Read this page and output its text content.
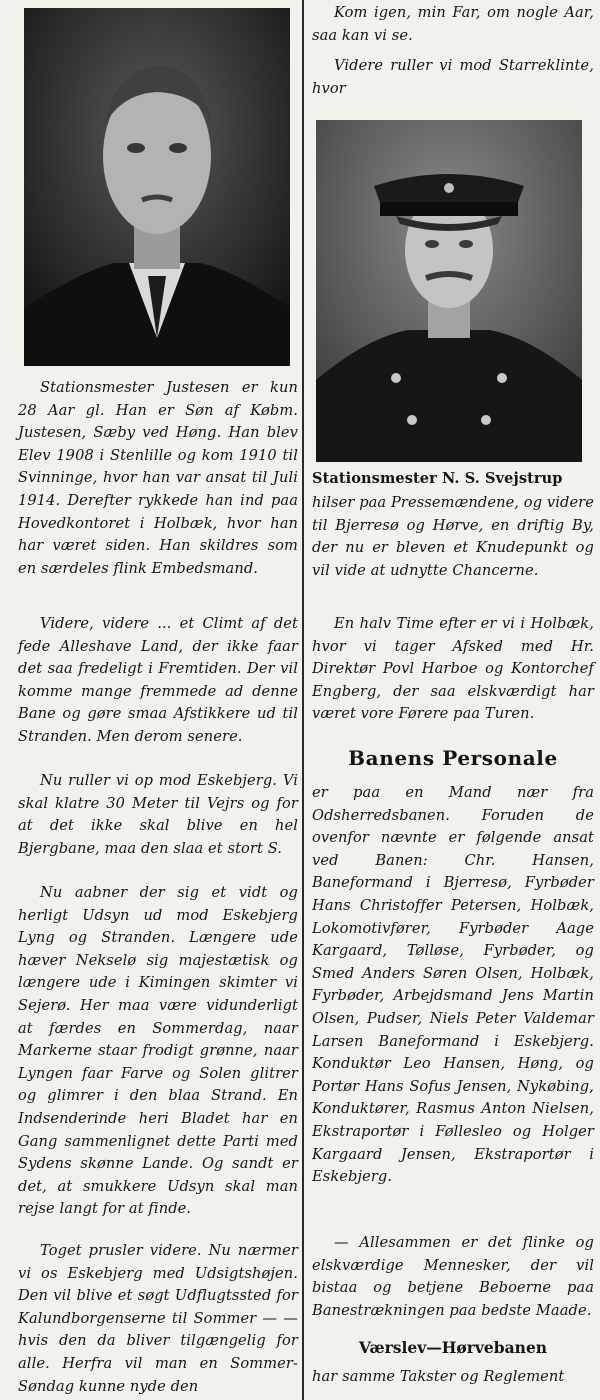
Stationsmester Justesen er kun 28 Aar gl. Han er Søn af Købm. Justesen, Sæby ved Høng. Han blev Elev 1908 i Stenlille og kom 1910 til Svinninge, hvor han var ansat til Juli 1914. Derefter rykkede han ind paa Hovedkontoret i Holbæk, hvor han har været siden. Han skildres som en særdeles flink Embedsmand.

Videre, videre ... et Climt af det fede Alleshave Land, der ikke faar det saa fredeligt i Fremtiden. Der vil komme mange fremmede ad denne Bane og gøre smaa Afstikkere ud til Stranden. Men derom senere.

Nu ruller vi op mod Eskebjerg. Vi skal klatre 30 Meter til Vejrs og for at det ikke skal blive en hel Bjergbane, maa den slaa et stort S.

Nu aabner der sig et vidt og herligt Udsyn ud mod Eskebjerg Lyng og Stranden. Længere ude hæver Nekselø sig majestætisk og længere ude i Kimingen skimter vi Sejerø. Her maa være vidunderligt at færdes en Sommerdag, naar Markerne staar frodigt grønne, naar Lyngen faar Farve og Solen glitrer og glimrer i den blaa Strand. En Indsenderinde heri Bladet har en Gang sammenlignet dette Parti med Sydens skønne Lande. Og sandt er det, at smukkere Udsyn skal man rejse langt for at finde.

Toget prusler videre. Nu nærmer vi os Eskebjerg med Udsigtshøjen. Den vil blive et søgt Udflugtssted for Kalundborgenserne til Sommer — — hvis den da bliver tilgængelig for alle. Herfra vil man en Sommer-Søndag kunne nyde den

Kom igen, min Far, om nogle Aar, saa kan vi se.

Videre ruller vi mod Starreklinte, hvor

Stationsmester N. S. Svejstrup

hilser paa Pressemændene, og videre til Bjerresø og Hørve, en driftig By, der nu er bleven et Knudepunkt og vil vide at udnytte Chancerne.

En halv Time efter er vi i Holbæk, hvor vi tager Afsked med Hr. Direktør Povl Harboe og Kontorchef Engberg, der saa elskværdigt har været vore Førere paa Turen.

Banens Personale

er paa en Mand nær fra Odsherredsbanen. Foruden de ovenfor nævnte er følgende ansat ved Banen: Chr. Hansen, Baneformand i Bjerresø, Fyrbøder Hans Christoffer Petersen, Holbæk, Lokomotivfører, Fyrbøder Aage Kargaard, Tølløse, Fyrbøder, og Smed Anders Søren Olsen, Holbæk, Fyrbøder, Arbejdsmand Jens Martin Olsen, Pudser, Niels Peter Valdemar Larsen Baneformand i Eskebjerg. Konduktør Leo Hansen, Høng, og Portør Hans Sofus Jensen, Nykøbing, Konduktører, Rasmus Anton Nielsen, Ekstraportør i Føllesleo og Holger Kargaard Jensen, Ekstraportør i Eskebjerg.

— Allesammen er det flinke og elskværdige Mennesker, der vil bistaa og betjene Beboerne paa Banestrækningen paa bedste Maade.

Værslev—Hørvebanen

har samme Takster og Reglement
